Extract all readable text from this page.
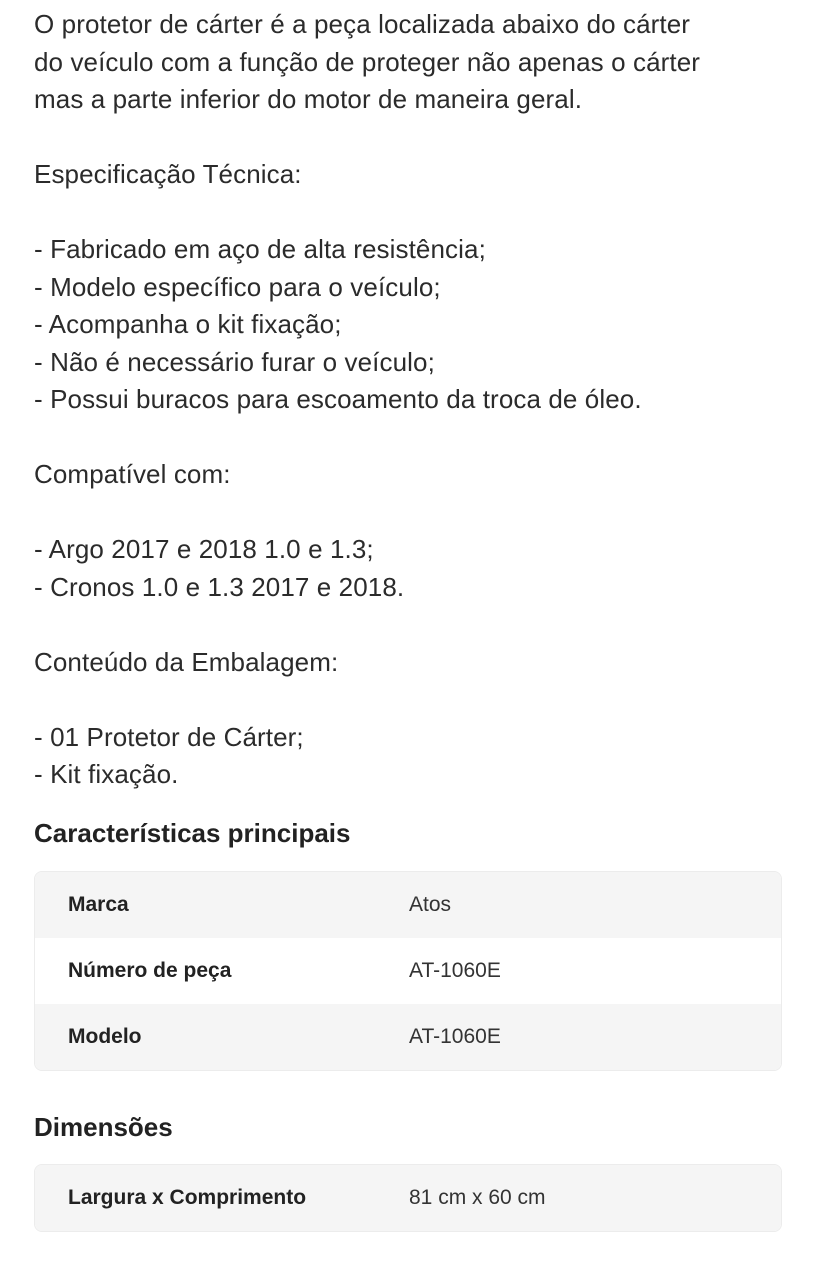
O protetor de cárter é a peça localizada abaixo do cárter
do veículo com a função de proteger não apenas o cárter
mas a parte inferior do motor de maneira geral.
Especificação Técnica:
- Fabricado em aço de alta resistência;
- Modelo específico para o veículo;
- Acompanha o kit fixação;
- Não é necessário furar o veículo;
- Possui buracos para escoamento da troca de óleo.
Compatível com:
- Argo 2017 e 2018 1.0 e 1.3;
- Cronos 1.0 e 1.3 2017 e 2018.
Conteúdo da Embalagem:
- 01 Protetor de Cárter;
- Kit fixação.
Características principais
Marca	Atos
Número de peça	AT-1060E
Modelo	AT-1060E
Dimensões
Largura x Comprimento	81 cm x 60 cm
